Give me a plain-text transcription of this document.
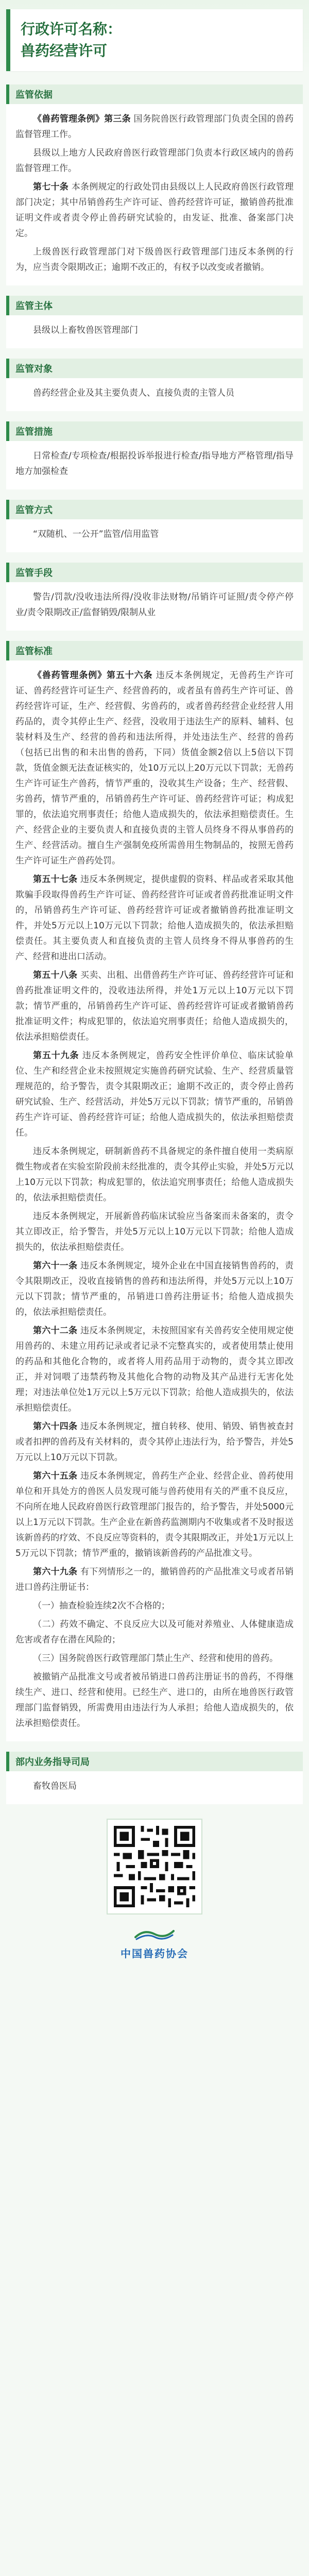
行政许可名称：
兽药经营许可
监管依据

《兽药管理条例》第三条 国务院兽医行政管理部门负责全国的兽药监督管理工作。

县级以上地方人民政府兽医行政管理部门负责本行政区域内的兽药监督管理工作。

第七十条 本条例规定的行政处罚由县级以上人民政府兽医行政管理部门决定；其中吊销兽药生产许可证、兽药经营许可证，撤销兽药批准证明文件或者责令停止兽药研究试验的，由发证、批准、备案部门决定。

上级兽医行政管理部门对下级兽医行政管理部门违反本条例的行为，应当责令限期改正；逾期不改正的，有权予以改变或者撤销。

监管主体

县级以上畜牧兽医管理部门

监管对象

兽药经营企业及其主要负责人、直接负责的主管人员

监管措施

日常检查/专项检查/根据投诉举报进行检查/指导地方严格管理/指导地方加强检查

监管方式

“双随机、一公开”监管/信用监管

监管手段

警告/罚款/没收违法所得/没收非法财物/吊销许可证照/责令停产停业/责令限期改正/监督销毁/限制从业

监管标准

《兽药管理条例》第五十六条 违反本条例规定，无兽药生产许可证、兽药经营许可证生产、经营兽药的，或者虽有兽药生产许可证、兽药经营许可证，生产、经营假、劣兽药的，或者兽药经营企业经营人用药品的，责令其停止生产、经营，没收用于违法生产的原料、辅料、包装材料及生产、经营的兽药和违法所得，并处违法生产、经营的兽药（包括已出售的和未出售的兽药，下同）货值金额2倍以上5倍以下罚款，货值金额无法查证核实的，处10万元以上20万元以下罚款；无兽药生产许可证生产兽药，情节严重的，没收其生产设备；生产、经营假、劣兽药，情节严重的，吊销兽药生产许可证、兽药经营许可证；构成犯罪的，依法追究刑事责任；给他人造成损失的，依法承担赔偿责任。生产、经营企业的主要负责人和直接负责的主管人员终身不得从事兽药的生产、经营活动。擅自生产强制免疫所需兽用生物制品的，按照无兽药生产许可证生产兽药处罚。

第五十七条 违反本条例规定，提供虚假的资料、样品或者采取其他欺骗手段取得兽药生产许可证、兽药经营许可证或者兽药批准证明文件的，吊销兽药生产许可证、兽药经营许可证或者撤销兽药批准证明文件，并处5万元以上10万元以下罚款；给他人造成损失的，依法承担赔偿责任。其主要负责人和直接负责的主管人员终身不得从事兽药的生产、经营和进出口活动。

第五十八条 买卖、出租、出借兽药生产许可证、兽药经营许可证和兽药批准证明文件的，没收违法所得，并处1万元以上10万元以下罚款；情节严重的，吊销兽药生产许可证、兽药经营许可证或者撤销兽药批准证明文件；构成犯罪的，依法追究刑事责任；给他人造成损失的，依法承担赔偿责任。

第五十九条 违反本条例规定，兽药安全性评价单位、临床试验单位、生产和经营企业未按照规定实施兽药研究试验、生产、经营质量管理规范的，给予警告，责令其限期改正；逾期不改正的，责令停止兽药研究试验、生产、经营活动，并处5万元以下罚款；情节严重的，吊销兽药生产许可证、兽药经营许可证；给他人造成损失的，依法承担赔偿责任。

违反本条例规定，研制新兽药不具备规定的条件擅自使用一类病原微生物或者在实验室阶段前未经批准的，责令其停止实验，并处5万元以上10万元以下罚款；构成犯罪的，依法追究刑事责任；给他人造成损失的，依法承担赔偿责任。

违反本条例规定，开展新兽药临床试验应当备案而未备案的，责令其立即改正，给予警告，并处5万元以上10万元以下罚款；给他人造成损失的，依法承担赔偿责任。

第六十一条 违反本条例规定，境外企业在中国直接销售兽药的，责令其限期改正，没收直接销售的兽药和违法所得，并处5万元以上10万元以下罚款；情节严重的，吊销进口兽药注册证书；给他人造成损失的，依法承担赔偿责任。

第六十二条 违反本条例规定，未按照国家有关兽药安全使用规定使用兽药的、未建立用药记录或者记录不完整真实的，或者使用禁止使用的药品和其他化合物的，或者将人用药品用于动物的，责令其立即改正，并对饲喂了违禁药物及其他化合物的动物及其产品进行无害化处理；对违法单位处1万元以上5万元以下罚款；给他人造成损失的，依法承担赔偿责任。

第六十四条 违反本条例规定，擅自转移、使用、销毁、销售被查封或者扣押的兽药及有关材料的，责令其停止违法行为，给予警告，并处5万元以上10万元以下罚款。

第六十五条 违反本条例规定，兽药生产企业、经营企业、兽药使用单位和开具处方的兽医人员发现可能与兽药使用有关的严重不良反应，不向所在地人民政府兽医行政管理部门报告的，给予警告，并处5000元以上1万元以下罚款。生产企业在新兽药监测期内不收集或者不及时报送该新兽药的疗效、不良反应等资料的，责令其限期改正，并处1万元以上5万元以下罚款；情节严重的，撤销该新兽药的产品批准文号。

第六十九条 有下列情形之一的，撤销兽药的产品批准文号或者吊销进口兽药注册证书：

（一）抽查检验连续2次不合格的；

（二）药效不确定、不良反应大以及可能对养殖业、人体健康造成危害或者存在潜在风险的；

（三）国务院兽医行政管理部门禁止生产、经营和使用的兽药。

被撤销产品批准文号或者被吊销进口兽药注册证书的兽药，不得继续生产、进口、经营和使用。已经生产、进口的，由所在地兽医行政管理部门监督销毁，所需费用由违法行为人承担；给他人造成损失的，依法承担赔偿责任。

部内业务指导司局

畜牧兽医局

中国兽药协会
